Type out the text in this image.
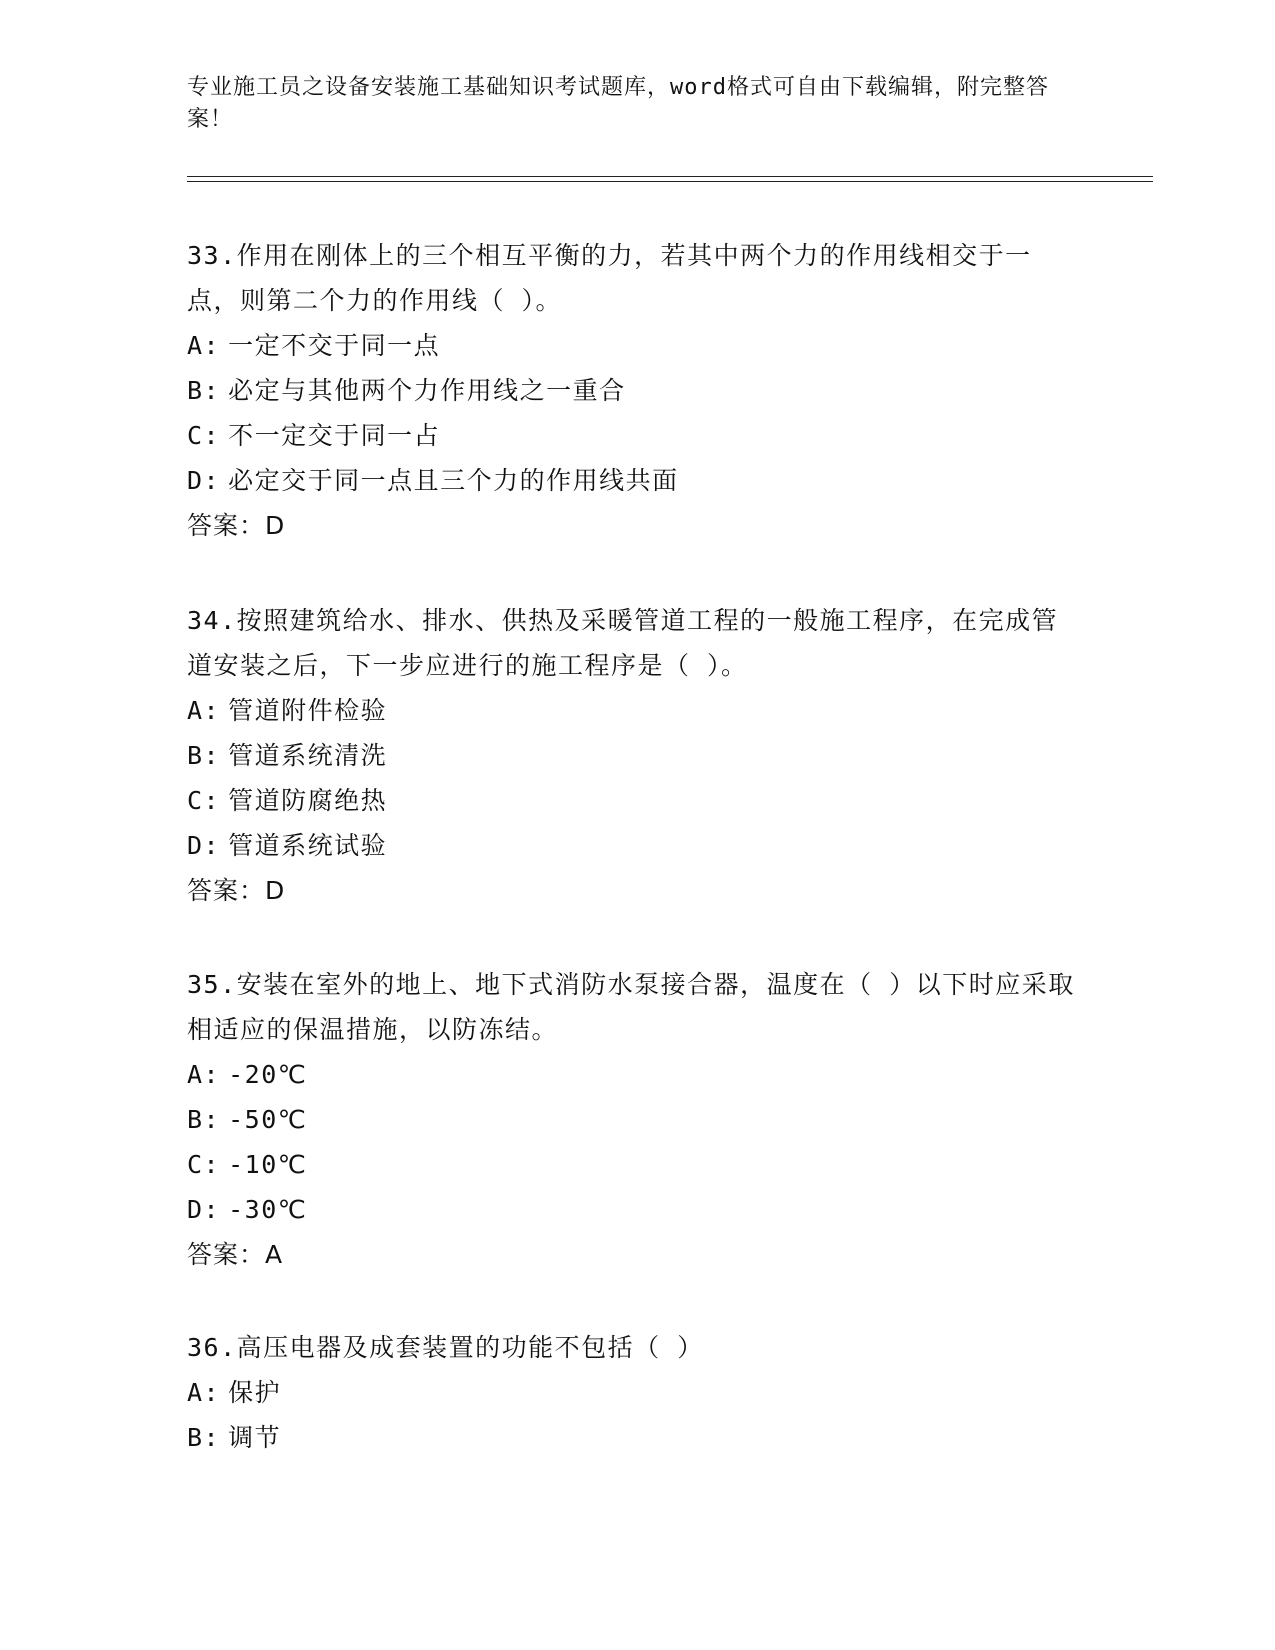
专业施工员之设备安装施工基础知识考试题库，word格式可自由下载编辑，附完整答案！

33.作用在刚体上的三个相互平衡的力，若其中两个力的作用线相交于一点，则第二个力的作用线（ ）。

A: 一定不交于同一点

B: 必定与其他两个力作用线之一重合

C: 不一定交于同一占

D: 必定交于同一点且三个力的作用线共面

答案：D

34.按照建筑给水、排水、供热及采暖管道工程的一般施工程序，在完成管道安装之后，下一步应进行的施工程序是（ ）。

A: 管道附件检验

B: 管道系统清洗

C: 管道防腐绝热

D: 管道系统试验

答案：D

35.安装在室外的地上、地下式消防水泵接合器，温度在（ ）以下时应采取相适应的保温措施，以防冻结。

A: -20℃

B: -50℃

C: -10℃

D: -30℃

答案：A

36.高压电器及成套装置的功能不包括（ ）

A: 保护

B: 调节
